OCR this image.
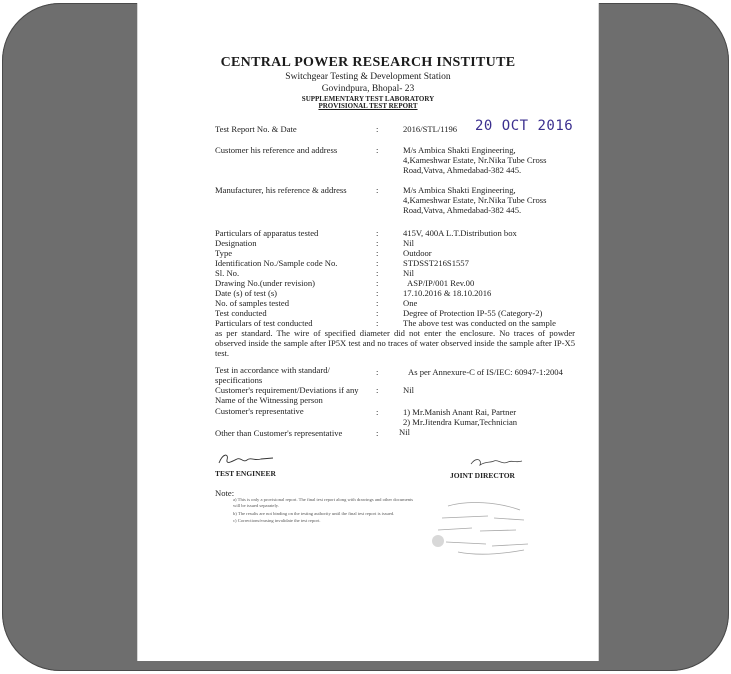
CENTRAL POWER RESEARCH INSTITUTE
Switchgear Testing & Development Station
Govindpura, Bhopal- 23
SUPPLEMENTARY TEST LABORATORY
PROVISIONAL TEST REPORT
Test Report No. & Date	:	2016/STL/1196 20 OCT 2016
Customer his reference and address	:	M/s Ambica Shakti Engineering,
4,Kameshwar Estate, Nr.Nika Tube Cross
Road,Vatva, Ahmedabad-382 445.
Manufacturer, his reference & address	:	M/s Ambica Shakti Engineering,
4,Kameshwar Estate, Nr.Nika Tube Cross
Road,Vatva, Ahmedabad-382 445.
Particulars of apparatus tested	:	415V, 400A L.T.Distribution box
Designation	:	Nil
Type	:	Outdoor
Identification No./Sample code No.	:	STDSST216S1557
Sl. No.	:	Nil
Drawing No.(under revision)	:	ASP/IP/001 Rev.00
Date (s) of test (s)	:	17.10.2016 & 18.10.2016
No. of samples tested	:	One
Test conducted	:	Degree of Protection IP-55 (Category-2)
Particulars of test conducted	:	The above test was conducted on the sample
as per standard. The wire of specified diameter did not enter the enclosure. No traces of powder observed inside the sample after IP5X test and no traces of water observed inside the sample after IP-X5 test.
Test in accordance with standard/
specifications
:	As per Annexure-C of IS/IEC: 60947-1:2004
Customer's requirement/Deviations if any
Name of the Witnessing person
:	Nil
Customer's representative	:	1) Mr.Manish Anant Rai, Partner
2) Mr.Jitendra Kumar,Technician
Other than Customer's representative	: Nil
TEST ENGINEER	JOINT DIRECTOR
Note:
a) This is only a provisional report. The final test report along with drawings and other documents
will be issued separately.
b) The results are not binding on the testing authority until the final test report is issued.
c) Corrections/erasing invalidate the test report.
